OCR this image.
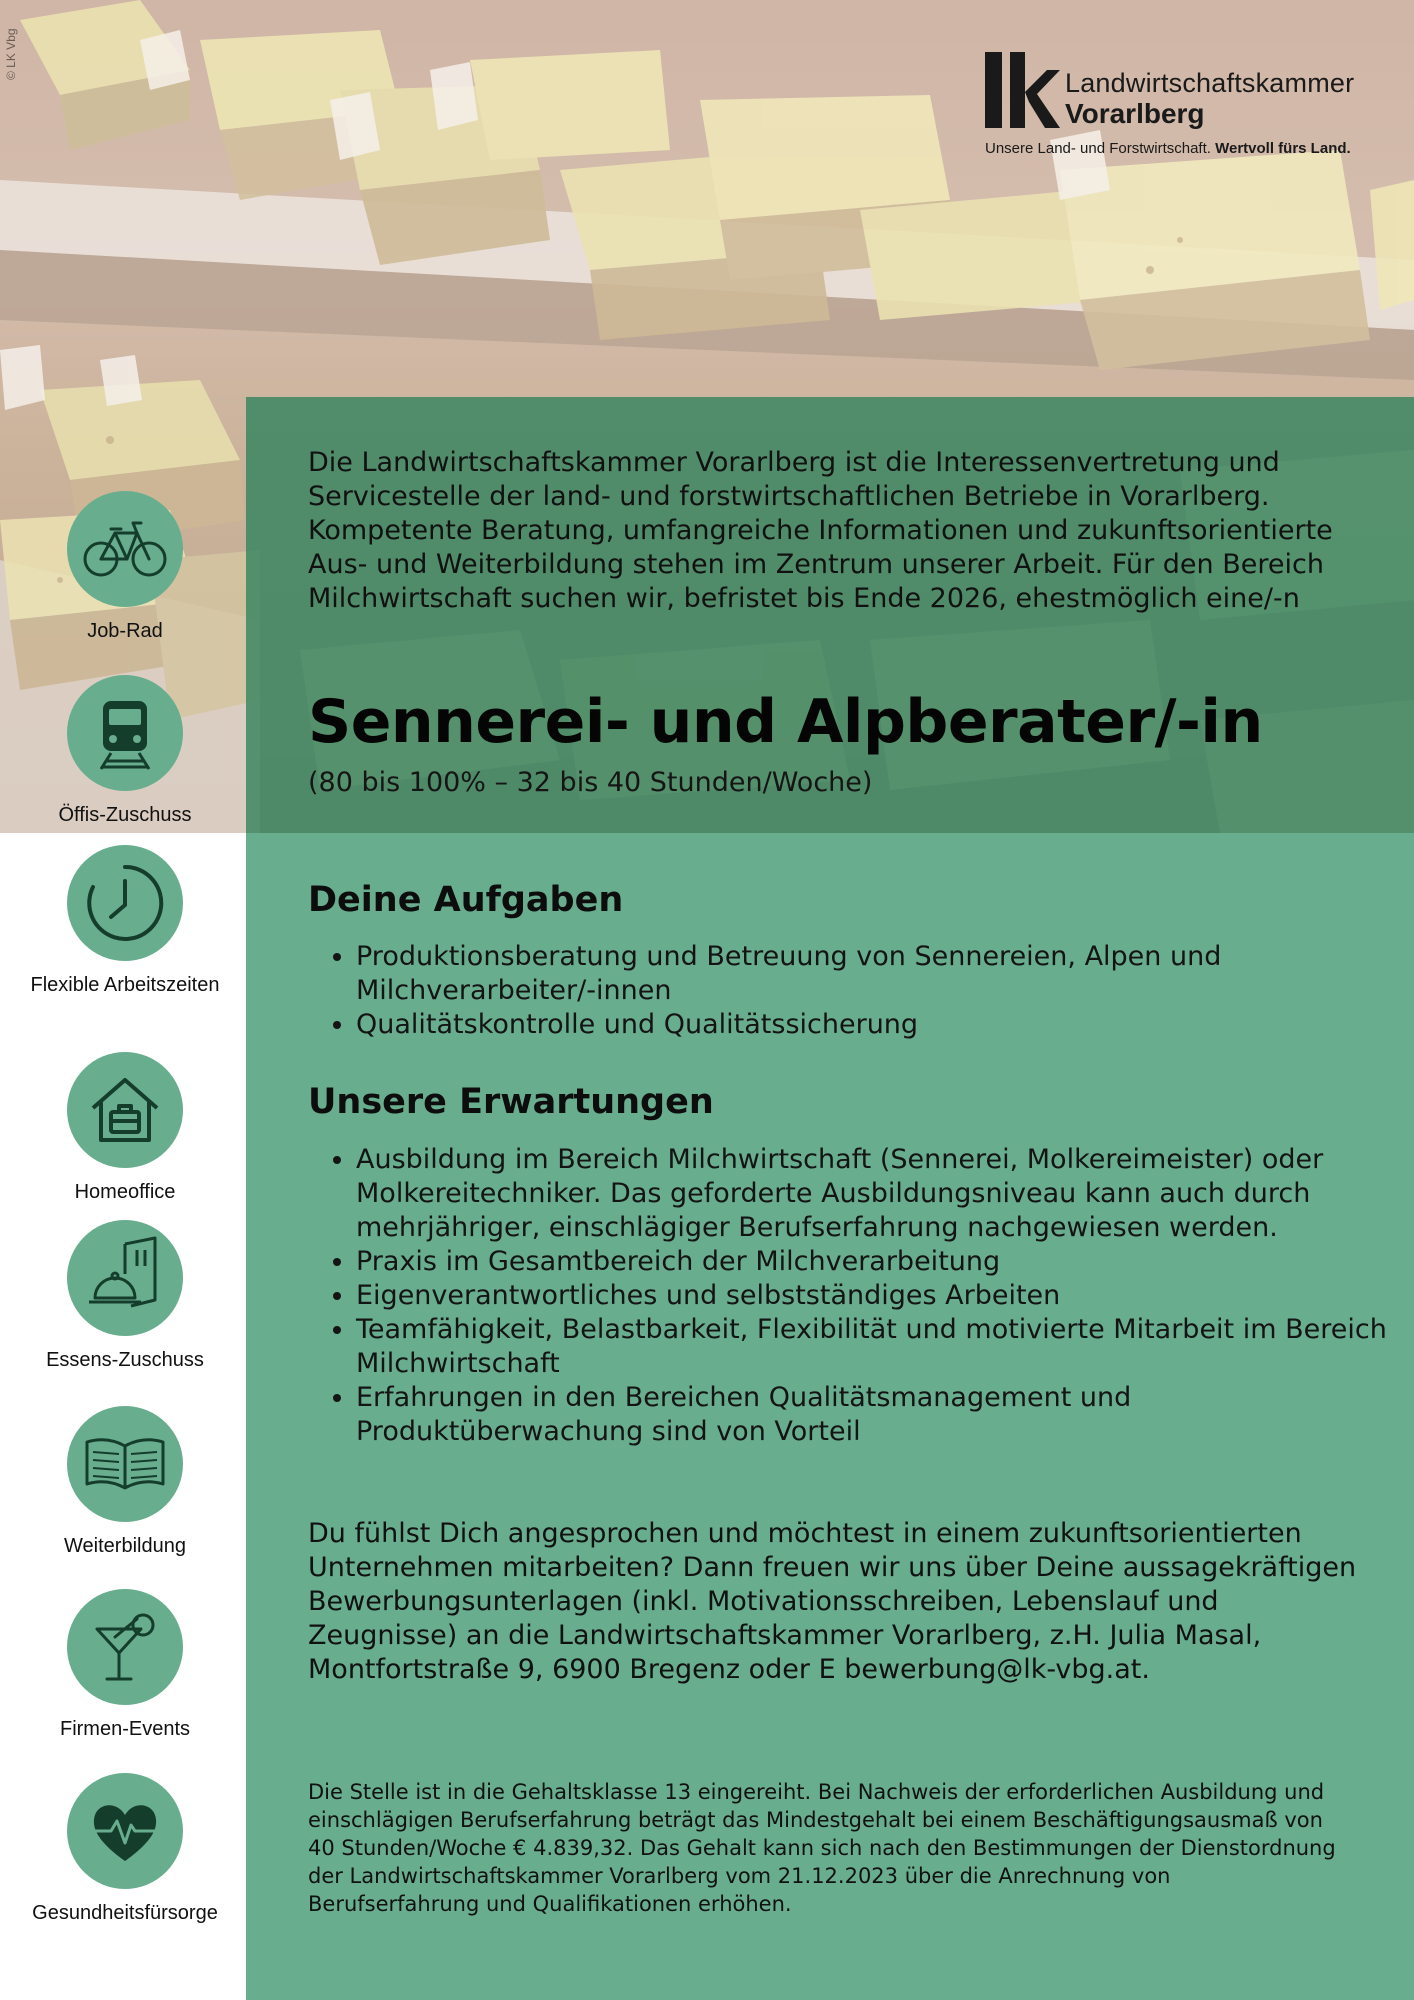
© LK Vbg
Landwirtschaftskammer
Vorarlberg
Unsere Land- und Forstwirtschaft. Wertvoll fürs Land.
Die Landwirtschaftskammer Vorarlberg ist die Interessenvertretung und Servicestelle der land- und forstwirtschaftlichen Betriebe in Vorarlberg. Kompetente Beratung, umfangreiche Informationen und zukunftsorientierte Aus- und Weiterbildung stehen im Zentrum unserer Arbeit. Für den Bereich Milchwirtschaft suchen wir, befristet bis Ende 2026, ehestmöglich eine/-n
Sennerei- und Alpberater/-in
(80 bis 100% – 32 bis 40 Stunden/Woche)
Deine Aufgaben
• Produktionsberatung und Betreuung von Sennereien, Alpen und Milchverarbeiter/-innen
• Qualitätskontrolle und Qualitätssicherung
Unsere Erwartungen
• Ausbildung im Bereich Milchwirtschaft (Sennerei, Molkereimeister) oder Molkereitechniker. Das geforderte Ausbildungsniveau kann auch durch mehrjähriger, einschlägiger Berufserfahrung nachgewiesen werden.
• Praxis im Gesamtbereich der Milchverarbeitung
• Eigenverantwortliches und selbstständiges Arbeiten
• Teamfähigkeit, Belastbarkeit, Flexibilität und motivierte Mitarbeit im Bereich Milchwirtschaft
• Erfahrungen in den Bereichen Qualitätsmanagement und Produktüberwachung sind von Vorteil
Du fühlst Dich angesprochen und möchtest in einem zukunftsorientierten Unternehmen mitarbeiten? Dann freuen wir uns über Deine aussagekräftigen Bewerbungsunterlagen (inkl. Motivationsschreiben, Lebenslauf und Zeugnisse) an die Landwirtschaftskammer Vorarlberg, z.H. Julia Masal, Montfortstraße 9, 6900 Bregenz oder E bewerbung@lk-vbg.at.
Die Stelle ist in die Gehaltsklasse 13 eingereiht. Bei Nachweis der erforderlichen Ausbildung und einschlägigen Berufserfahrung beträgt das Mindestgehalt bei einem Beschäftigungsausmaß von 40 Stunden/Woche € 4.839,32. Das Gehalt kann sich nach den Bestimmungen der Dienstordnung der Landwirtschaftskammer Vorarlberg vom 21.12.2023 über die Anrechnung von Berufserfahrung und Qualifikationen erhöhen.
Job-Rad
Öffis-Zuschuss
Flexible Arbeitszeiten
Homeoffice
Essens-Zuschuss
Weiterbildung
Firmen-Events
Gesundheitsfürsorge
